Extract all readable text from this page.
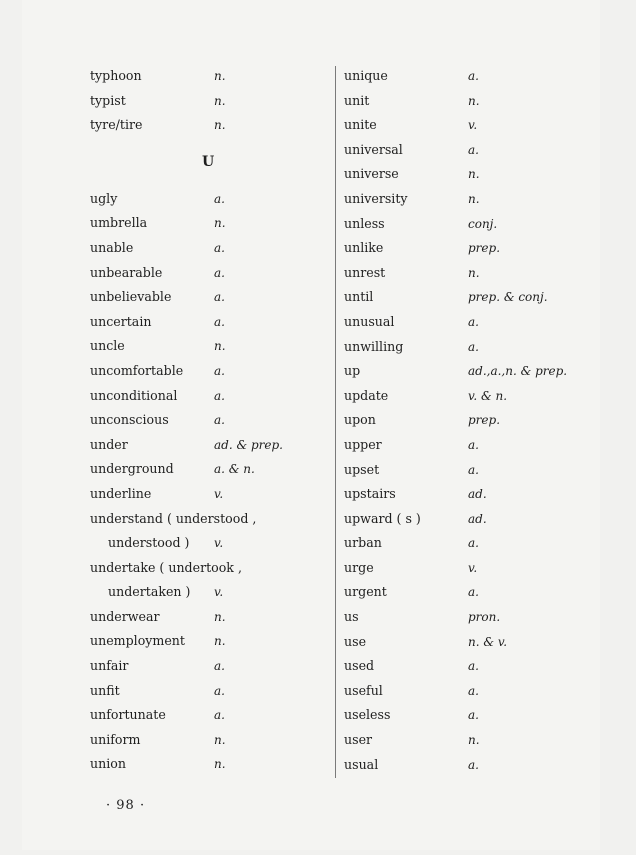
typhoon	n.
typist	n.
tyre/tire	n.
U
ugly	a.
umbrella	n.
unable	a.
unbearable	a.
unbelievable	a.
uncertain	a.
uncle	n.
uncomfortable	a.
unconditional	a.
unconscious	a.
under	ad. & prep.
underground	a. & n.
underline	v.
understand ( understood ,
understood ) v.
undertake ( undertook ,
undertaken ) v.
underwear	n.
unemployment n.
unfair	a.
unfit	a.
unfortunate	a.
uniform	n.
union	n.
unique	a.
unit	n.
unite	v.
universal	a.
universe	n.
university	n.
unless	conj.
unlike	prep.
unrest	n.
until	prep. & conj.
unusual	a.
unwilling	a.
up	ad.,a.,n. & prep.
update	v. & n.
upon	prep.
upper	a.
upset	a.
upstairs	ad.
upward ( s )	ad.
urban	a.
urge	v.
urgent	a.
us	pron.
use	n. & v.
used	a.
useful	a.
useless	a.
user	n.
usual	a.
· 98 ·
